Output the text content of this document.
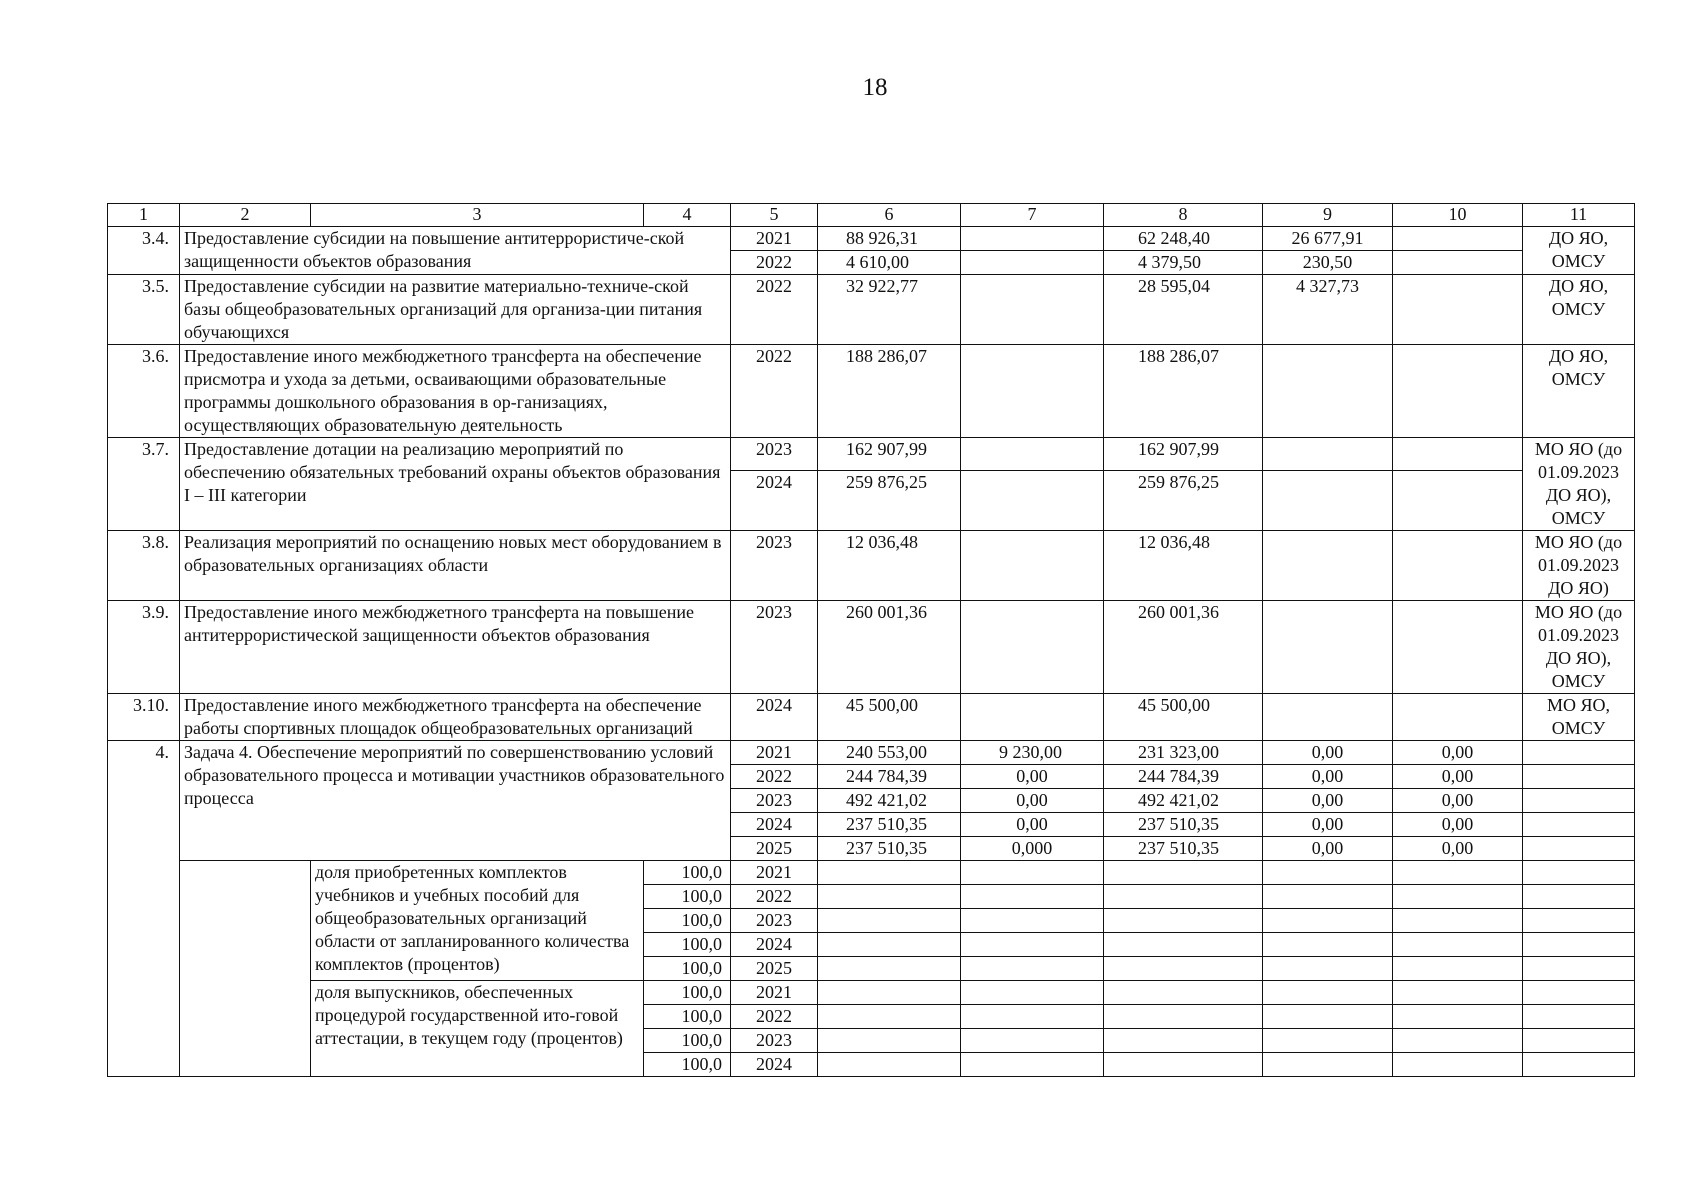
18
1	2	3	4	5	6	7	8	9	10	11
3.4.	Предоставление субсидии на повышение антитеррористиче-ской защищенности объектов образования			2021	88 926,31		62 248,40	26 677,91		ДО ЯО, ОМСУ
				2022	4 610,00		4 379,50	230,50		
3.5.	Предоставление субсидии на развитие материально-техниче-ской базы общеобразовательных организаций для организа-ции питания обучающихся			2022	32 922,77		28 595,04	4 327,73		ДО ЯО, ОМСУ
3.6.	Предоставление иного межбюджетного трансферта на обеспечение присмотра и ухода за детьми, осваивающими образовательные программы дошкольного образования в ор-ганизациях, осуществляющих образовательную деятельность			2022	188 286,07		188 286,07			ДО ЯО, ОМСУ
3.7.	Предоставление дотации на реализацию мероприятий по обеспечению обязательных требований охраны объектов образования I – III категории			2023	162 907,99		162 907,99			МО ЯО (до 01.09.2023 ДО ЯО), ОМСУ
				2024	259 876,25		259 876,25			
3.8.	Реализация мероприятий по оснащению новых мест оборудованием в образовательных организациях области			2023	12 036,48		12 036,48			МО ЯО (до 01.09.2023 ДО ЯО)
3.9.	Предоставление иного межбюджетного трансферта на повышение антитеррористической защищенности объектов образования			2023	260 001,36		260 001,36			МО ЯО (до 01.09.2023 ДО ЯО), ОМСУ
3.10.	Предоставление иного межбюджетного трансферта на обеспечение работы спортивных площадок общеобразовательных организаций			2024	45 500,00		45 500,00			МО ЯО, ОМСУ
4.	Задача 4. Обеспечение мероприятий по совершенствованию условий образовательного процесса и мотивации участников образовательного процесса			2021	240 553,00	9 230,00	231 323,00	0,00	0,00	
				2022	244 784,39	0,00	244 784,39	0,00	0,00	
				2023	492 421,02	0,00	492 421,02	0,00	0,00	
				2024	237 510,35	0,00	237 510,35	0,00	0,00	
				2025	237 510,35	0,000	237 510,35	0,00	0,00	
		доля приобретенных комплектов учебников и учебных пособий для общеобразовательных организаций области от запланированного количества комплектов (процентов)	100,0	2021						
			100,0	2022						
			100,0	2023						
			100,0	2024						
			100,0	2025						
		доля выпускников, обеспеченных процедурой государственной ито-говой аттестации, в текущем году (процентов)	100,0	2021						
			100,0	2022						
			100,0	2023						
			100,0	2024						
